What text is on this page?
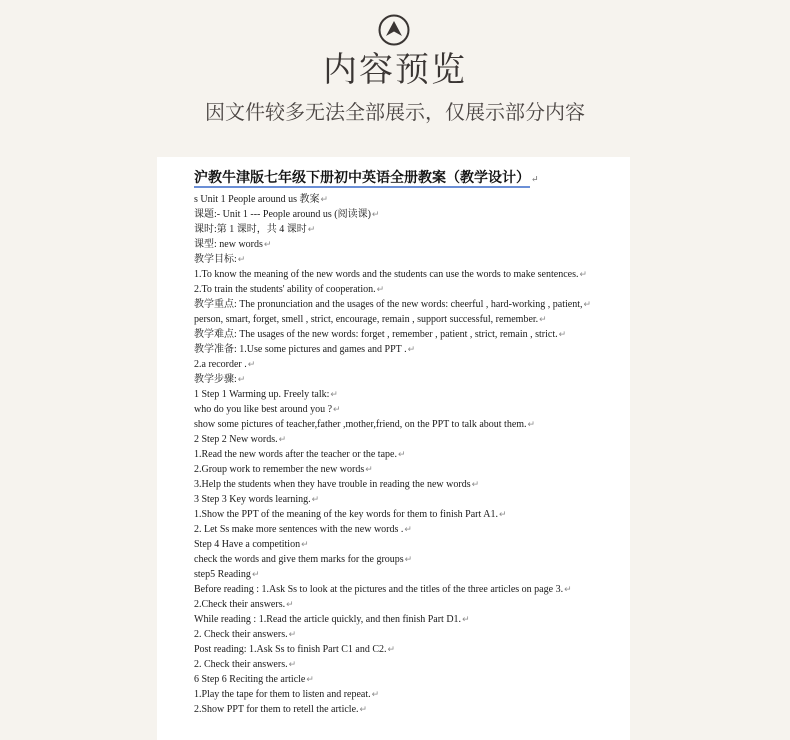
内容预览
因文件较多无法全部展示，仅展示部分内容
沪教牛津版七年级下册初中英语全册教案（教学设计）↵
s Unit 1 People around us 教案↵
课题:- Unit 1 --- People around us (阅读课)↵
课时:第 1 课时，共 4 课时↵
课型: new words↵
教学目标:↵
1.To know the meaning of the new words and the students can use the words to make sentences.↵
2.To train the students' ability of cooperation.↵
教学重点: The pronunciation and the usages of the new words: cheerful , hard-working , patient,↵
person, smart, forget, smell , strict, encourage, remain , support successful, remember.↵
教学难点: The usages of the new words: forget , remember , patient , strict, remain , strict.↵
教学准备: 1.Use some pictures and games and PPT .↵
2.a recorder .↵
教学步骤:↵
1 Step 1 Warming up. Freely talk:↵
who do you like best around you ?↵
show some pictures of teacher,father ,mother,friend, on the PPT to talk about them.↵
2 Step 2 New words.↵
1.Read the new words after the teacher or the tape.↵
2.Group work to remember the new words↵
3.Help the students when they have trouble in reading the new words↵
3 Step 3 Key words learning.↵
1.Show the PPT of the meaning of the key words for them to finish Part A1.↵
2. Let Ss make more sentences with the new words .↵
Step 4 Have a competition↵
check the words and give them marks for the groups↵
step5 Reading↵
Before reading : 1.Ask Ss to look at the pictures and the titles of the three articles on page 3.↵
2.Check their answers.↵
While reading : 1.Read the article quickly, and then finish Part D1.↵
2. Check their answers.↵
Post reading: 1.Ask Ss to finish Part C1 and C2.↵
2. Check their answers.↵
6 Step 6 Reciting the article↵
1.Play the tape for them to listen and repeat.↵
2.Show PPT for them to retell the article.↵
